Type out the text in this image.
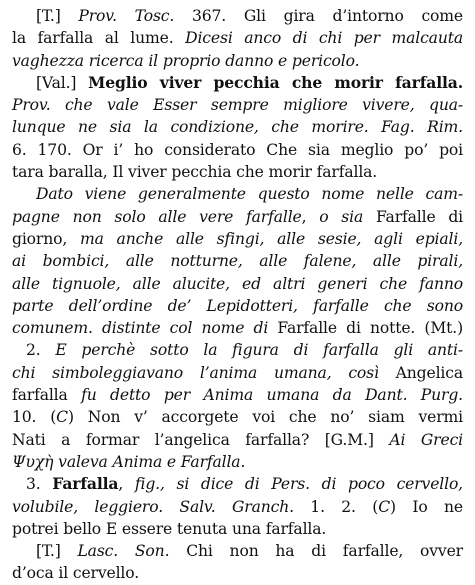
[T.] Prov. Tosc. 367. Gli gira d’intorno come
la farfalla al lume. Dicesi anco di chi per malcauta
vaghezza ricerca il proprio danno e pericolo.
[Val.] Meglio viver pecchia che morir farfalla.
Prov. che vale Esser sempre migliore vivere, qua-
lunque ne sia la condizione, che morire. Fag. Rim.
6. 170. Or i’ ho considerato Che sia meglio po’ poi
tara baralla, Il viver pecchia che morir farfalla.
Dato viene generalmente questo nome nelle cam-
pagne non solo alle vere farfalle, o sia Farfalle di
giorno, ma anche alle sfingi, alle sesie, agli epiali,
ai bombici, alle notturne, alle falene, alle pirali,
alle tignuole, alle alucite, ed altri generi che fanno
parte dell’ordine de’ Lepidotteri, farfalle che sono
comunem. distinte col nome di Farfalle di notte. (Mt.)
2. E perchè sotto la figura di farfalla gli anti-
chi simboleggiavano l’anima umana, così Angelica
farfalla fu detto per Anima umana da Dant. Purg.
10. (C) Non v’ accorgete voi che no’ siam vermi
Nati a formar l’angelica farfalla? [G.M.] Ai Greci
Ψυχὴ valeva Anima e Farfalla.
3. Farfalla, fig., si dice di Pers. di poco cervello,
volubile, leggiero. Salv. Granch. 1. 2. (C) Io ne
potrei bello E essere tenuta una farfalla.
[T.] Lasc. Son. Chi non ha di farfalle, ovver
d’oca il cervello.
